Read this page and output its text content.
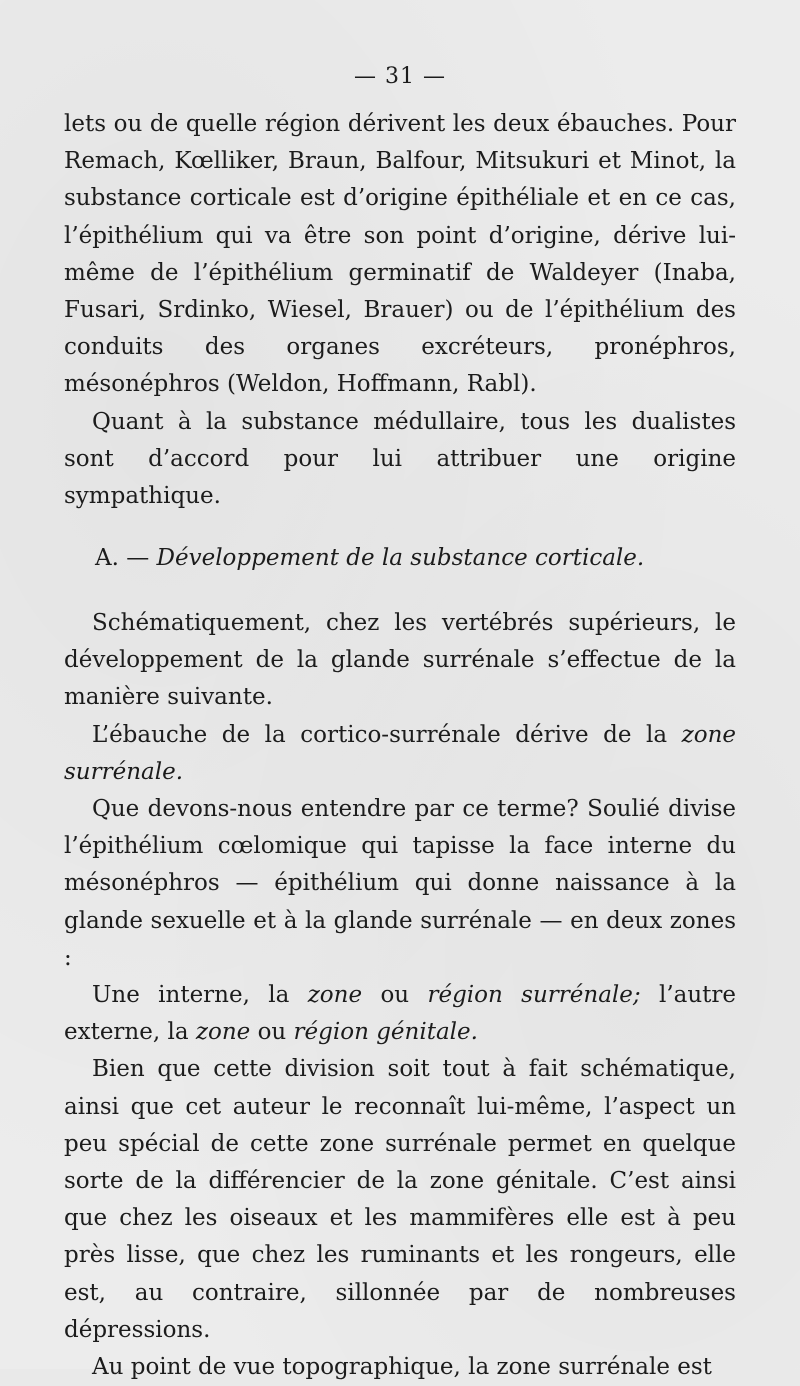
— 31 —

lets ou de quelle région dérivent les deux ébauches. Pour Remach, Kœlliker, Braun, Balfour, Mitsukuri et Minot, la substance corticale est d’origine épithéliale et en ce cas, l’épithélium qui va être son point d’origine, dérive lui-même de l’épithélium germinatif de Waldeyer (Inaba, Fusari, Srdinko, Wiesel, Brauer) ou de l’épithélium des conduits des organes excréteurs, pronéphros, mésonéphros (Weldon, Hoffmann, Rabl).

Quant à la substance médullaire, tous les dualistes sont d’accord pour lui attribuer une origine sympathique.

A. — Développement de la substance corticale.

Schématiquement, chez les vertébrés supérieurs, le développement de la glande surrénale s’effectue de la manière suivante.

L’ébauche de la cortico-surrénale dérive de la zone surrénale.

Que devons-nous entendre par ce terme? Soulié divise l’épithélium cœlomique qui tapisse la face interne du mésonéphros — épithélium qui donne naissance à la glande sexuelle et à la glande surrénale — en deux zones :

Une interne, la zone ou région surrénale; l’autre externe, la zone ou région génitale.

Bien que cette division soit tout à fait schématique, ainsi que cet auteur le reconnaît lui-même, l’aspect un peu spécial de cette zone surrénale permet en quelque sorte de la différencier de la zone génitale. C’est ainsi que chez les oiseaux et les mammifères elle est à peu près lisse, que chez les ruminants et les rongeurs, elle est, au contraire, sillonnée par de nombreuses dépressions.

Au point de vue topographique, la zone surrénale est
